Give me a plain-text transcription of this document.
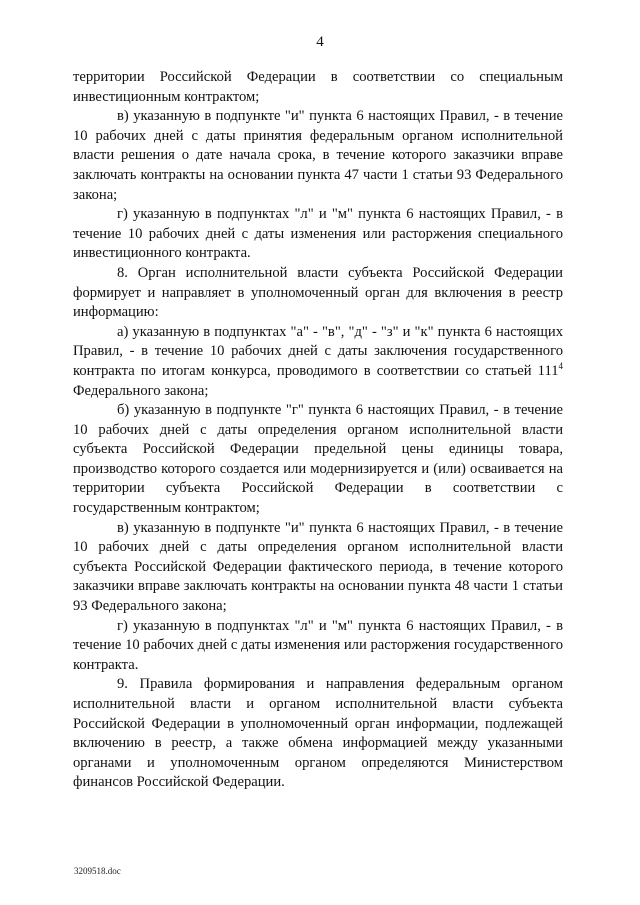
4

территории Российской Федерации в соответствии со специальным инвестиционным контрактом;

в) указанную в подпункте "и" пункта 6 настоящих Правил, - в течение 10 рабочих дней с даты принятия федеральным органом исполнительной власти решения о дате начала срока, в течение которого заказчики вправе заключать контракты на основании пункта 47 части 1 статьи 93 Федерального закона;

г) указанную в подпунктах "л" и "м" пункта 6 настоящих Правил, - в течение 10 рабочих дней с даты изменения или расторжения специального инвестиционного контракта.

8. Орган исполнительной власти субъекта Российской Федерации формирует и направляет в уполномоченный орган для включения в реестр информацию:

а) указанную в подпунктах "а" - "в", "д" - "з" и "к" пункта 6 настоящих Правил, - в течение 10 рабочих дней с даты заключения государственного контракта по итогам конкурса, проводимого в соответствии со статьей $111^4$ Федерального закона;

б) указанную в подпункте "г" пункта 6 настоящих Правил, - в течение 10 рабочих дней с даты определения органом исполнительной власти субъекта Российской Федерации предельной цены единицы товара, производство которого создается или модернизируется и (или) осваивается на территории субъекта Российской Федерации в соответствии с государственным контрактом;

в) указанную в подпункте "и" пункта 6 настоящих Правил, - в течение 10 рабочих дней с даты определения органом исполнительной власти субъекта Российской Федерации фактического периода, в течение которого заказчики вправе заключать контракты на основании пункта 48 части 1 статьи 93 Федерального закона;

г) указанную в подпунктах "л" и "м" пункта 6 настоящих Правил, - в течение 10 рабочих дней с даты изменения или расторжения государственного контракта.

9. Правила формирования и направления федеральным органом исполнительной власти и органом исполнительной власти субъекта Российской Федерации в уполномоченный орган информации, подлежащей включению в реестр, а также обмена информацией между указанными органами и уполномоченным органом определяются Министерством финансов Российской Федерации.

3209518.doc
